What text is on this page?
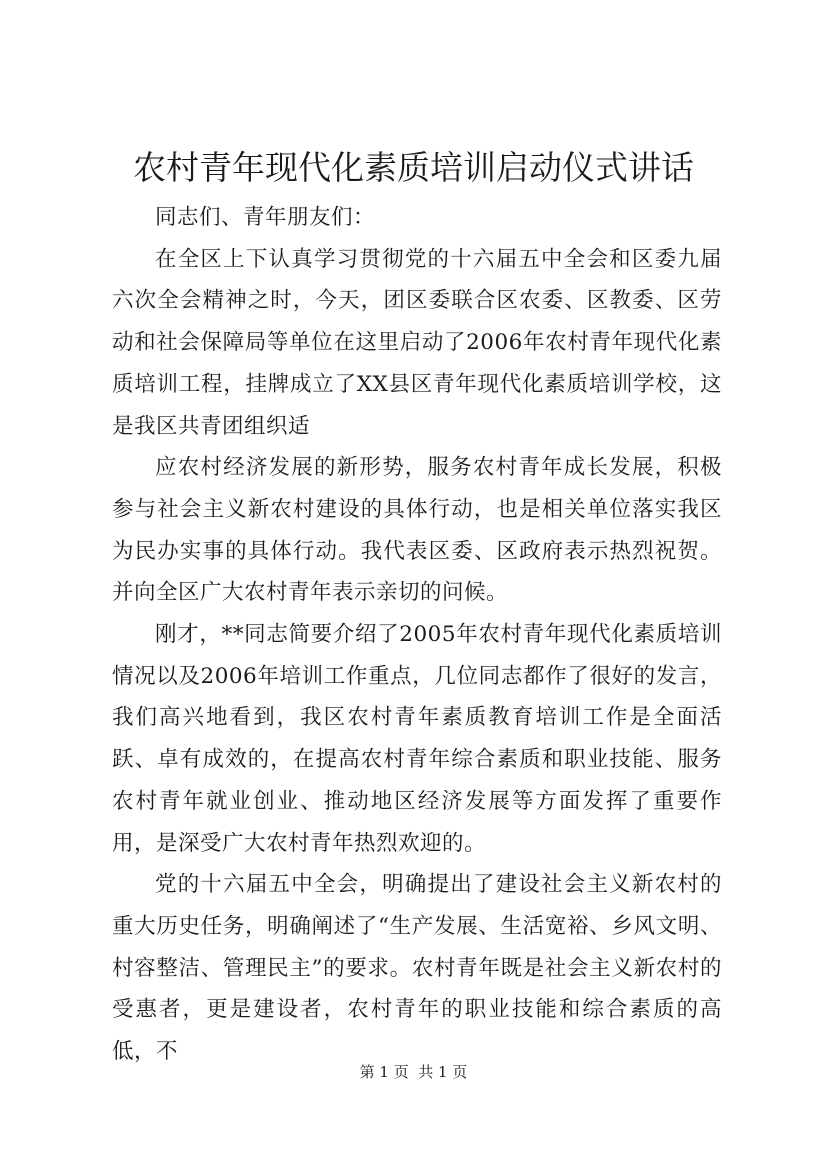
农村青年现代化素质培训启动仪式讲话

同志们、青年朋友们：

在全区上下认真学习贯彻党的十六届五中全会和区委九届六次全会精神之时，今天，团区委联合区农委、区教委、区劳动和社会保障局等单位在这里启动了2006年农村青年现代化素质培训工程，挂牌成立了XX县区青年现代化素质培训学校，这是我区共青团组织适

应农村经济发展的新形势，服务农村青年成长发展，积极参与社会主义新农村建设的具体行动，也是相关单位落实我区为民办实事的具体行动。我代表区委、区政府表示热烈祝贺。并向全区广大农村青年表示亲切的问候。

刚才，**同志简要介绍了2005年农村青年现代化素质培训情况以及2006年培训工作重点，几位同志都作了很好的发言，我们高兴地看到，我区农村青年素质教育培训工作是全面活跃、卓有成效的，在提高农村青年综合素质和职业技能、服务农村青年就业创业、推动地区经济发展等方面发挥了重要作用，是深受广大农村青年热烈欢迎的。

党的十六届五中全会，明确提出了建设社会主义新农村的重大历史任务，明确阐述了“生产发展、生活宽裕、乡风文明、村容整洁、管理民主”的要求。农村青年既是社会主义新农村的受惠者，更是建设者，农村青年的职业技能和综合素质的高低，不

第 1 页  共 1 页
